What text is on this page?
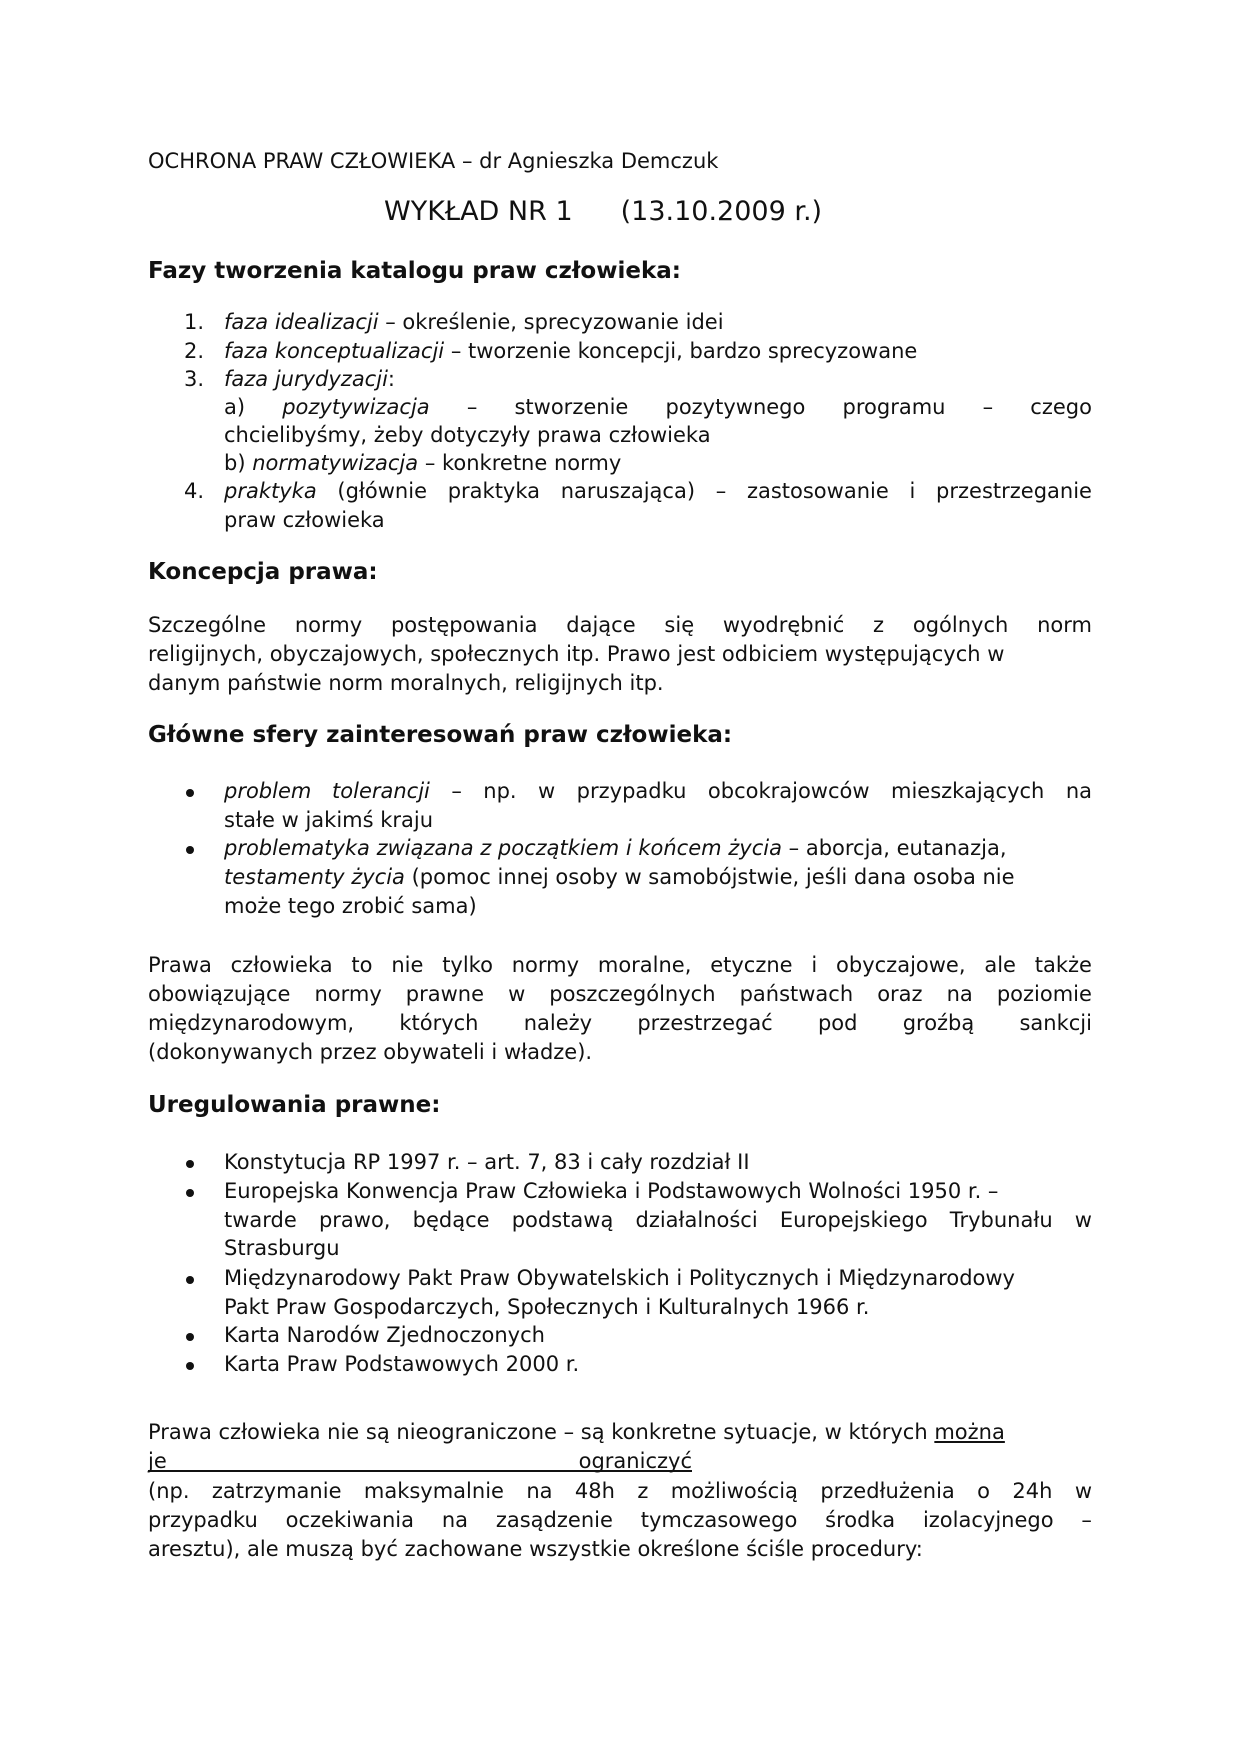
OCHRONA PRAW CZŁOWIEKA – dr Agnieszka Demczuk
WYKŁAD NR 1 (13.10.2009 r.)
Fazy tworzenia katalogu praw człowieka:
1. faza idealizacji – określenie, sprecyzowanie idei
2. faza konceptualizacji – tworzenie koncepcji, bardzo sprecyzowane
3. faza jurydyzacji:
a) pozytywizacja – stworzenie pozytywnego programu – czego
chcielibyśmy, żeby dotyczyły prawa człowieka
b) normatywizacja – konkretne normy
4. praktyka (głównie praktyka naruszająca) – zastosowanie i przestrzeganie
praw człowieka
Koncepcja prawa:
Szczególne normy postępowania dające się wyodrębnić z ogólnych norm
religijnych, obyczajowych, społecznych itp. Prawo jest odbiciem występujących w
danym państwie norm moralnych, religijnych itp.
Główne sfery zainteresowań praw człowieka:
problem tolerancji – np. w przypadku obcokrajowców mieszkających na
stałe w jakimś kraju
problematyka związana z początkiem i końcem życia – aborcja, eutanazja,
testamenty życia (pomoc innej osoby w samobójstwie, jeśli dana osoba nie
może tego zrobić sama)
Prawa człowieka to nie tylko normy moralne, etyczne i obyczajowe, ale także
obowiązujące normy prawne w poszczególnych państwach oraz na poziomie
międzynarodowym, których należy przestrzegać pod groźbą sankcji
(dokonywanych przez obywateli i władze).
Uregulowania prawne:
Konstytucja RP 1997 r. – art. 7, 83 i cały rozdział II
Europejska Konwencja Praw Człowieka i Podstawowych Wolności 1950 r. –
twarde prawo, będące podstawą działalności Europejskiego Trybunału w
Strasburgu
Międzynarodowy Pakt Praw Obywatelskich i Politycznych i Międzynarodowy
Pakt Praw Gospodarczych, Społecznych i Kulturalnych 1966 r.
Karta Narodów Zjednoczonych
Karta Praw Podstawowych 2000 r.
Prawa człowieka nie są nieograniczone – są konkretne sytuacje, w których można
je	ograniczyć
(np. zatrzymanie maksymalnie na 48h z możliwością przedłużenia o 24h w
przypadku oczekiwania na zasądzenie tymczasowego środka izolacyjnego –
aresztu), ale muszą być zachowane wszystkie określone ściśle procedury:
